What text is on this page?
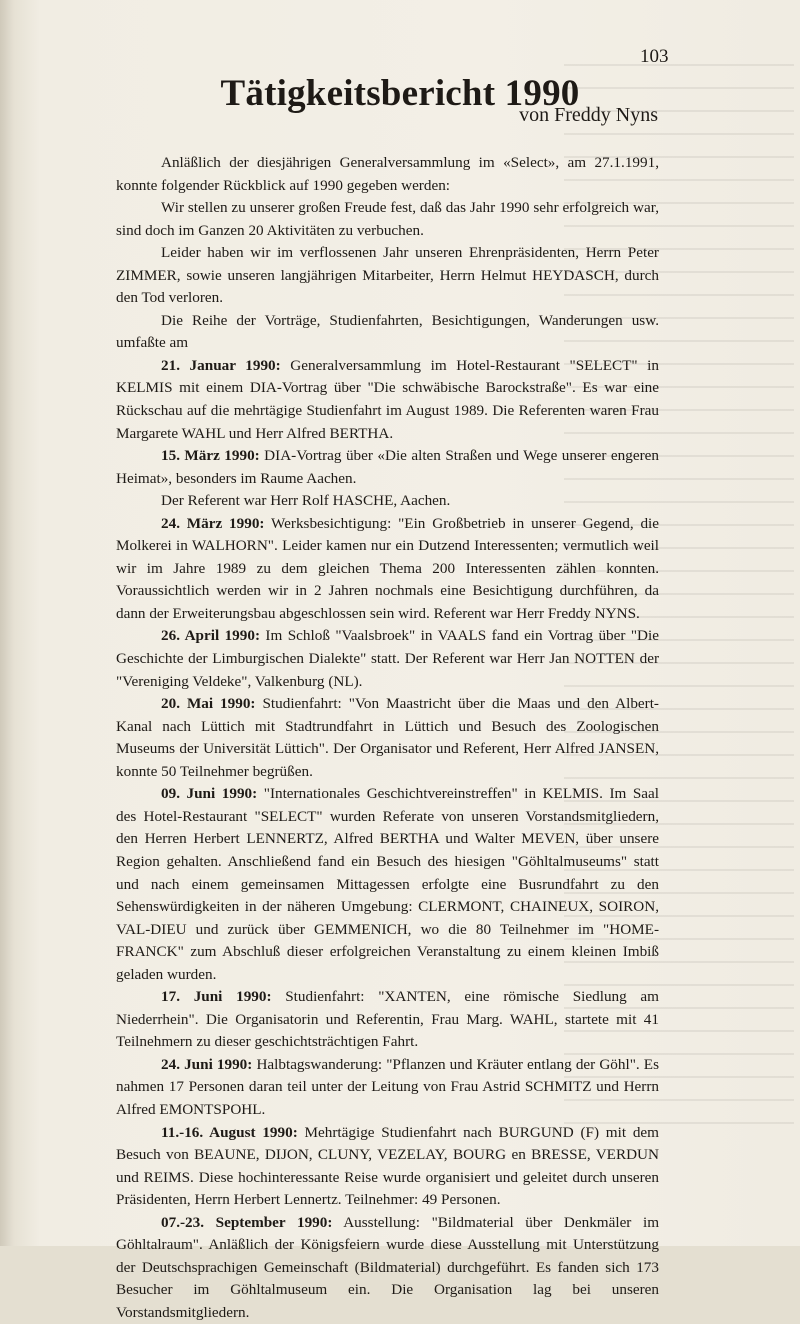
103
Tätigkeitsbericht 1990
von Freddy Nyns

Anläßlich der diesjährigen Generalversammlung im «Select», am 27.1.1991, konnte folgender Rückblick auf 1990 gegeben werden:

Wir stellen zu unserer großen Freude fest, daß das Jahr 1990 sehr erfolgreich war, sind doch im Ganzen 20 Aktivitäten zu verbuchen.

Leider haben wir im verflossenen Jahr unseren Ehrenpräsidenten, Herrn Peter ZIMMER, sowie unseren langjährigen Mitarbeiter, Herrn Helmut HEYDASCH, durch den Tod verloren.

Die Reihe der Vorträge, Studienfahrten, Besichtigungen, Wanderungen usw. umfaßte am

21. Januar 1990: Generalversammlung im Hotel-Restaurant "SELECT" in KELMIS mit einem DIA-Vortrag über "Die schwäbische Barockstraße". Es war eine Rückschau auf die mehrtägige Studienfahrt im August 1989. Die Referenten waren Frau Margarete WAHL und Herr Alfred BERTHA.

15. März 1990: DIA-Vortrag über «Die alten Straßen und Wege unserer engeren Heimat», besonders im Raume Aachen.

Der Referent war Herr Rolf HASCHE, Aachen.

24. März 1990: Werksbesichtigung: "Ein Großbetrieb in unserer Gegend, die Molkerei in WALHORN". Leider kamen nur ein Dutzend Interessenten; vermutlich weil wir im Jahre 1989 zu dem gleichen Thema 200 Interessenten zählen konnten. Voraussichtlich werden wir in 2 Jahren nochmals eine Besichtigung durchführen, da dann der Erweiterungsbau abgeschlossen sein wird. Referent war Herr Freddy NYNS.

26. April 1990: Im Schloß "Vaalsbroek" in VAALS fand ein Vortrag über "Die Geschichte der Limburgischen Dialekte" statt. Der Referent war Herr Jan NOTTEN der "Vereniging Veldeke", Valkenburg (NL).

20. Mai 1990: Studienfahrt: "Von Maastricht über die Maas und den Albert-Kanal nach Lüttich mit Stadtrundfahrt in Lüttich und Besuch des Zoologischen Museums der Universität Lüttich". Der Organisator und Referent, Herr Alfred JANSEN, konnte 50 Teilnehmer begrüßen.

09. Juni 1990: "Internationales Geschichtvereinstreffen" in KELMIS. Im Saal des Hotel-Restaurant "SELECT" wurden Referate von unseren Vorstandsmitgliedern, den Herren Herbert LENNERTZ, Alfred BERTHA und Walter MEVEN, über unsere Region gehalten. Anschließend fand ein Besuch des hiesigen "Göhltalmuseums" statt und nach einem gemeinsamen Mittagessen erfolgte eine Busrundfahrt zu den Sehenswürdigkeiten in der näheren Umgebung: CLERMONT, CHAINEUX, SOIRON, VAL-DIEU und zurück über GEMMENICH, wo die 80 Teilnehmer im "HOME-FRANCK" zum Abschluß dieser erfolgreichen Veranstaltung zu einem kleinen Imbiß geladen wurden.

17. Juni 1990: Studienfahrt: "XANTEN, eine römische Siedlung am Niederrhein". Die Organisatorin und Referentin, Frau Marg. WAHL, startete mit 41 Teilnehmern zu dieser geschichtsträchtigen Fahrt.

24. Juni 1990: Halbtagswanderung: "Pflanzen und Kräuter entlang der Göhl". Es nahmen 17 Personen daran teil unter der Leitung von Frau Astrid SCHMITZ und Herrn Alfred EMONTSPOHL.

11.-16. August 1990: Mehrtägige Studienfahrt nach BURGUND (F) mit dem Besuch von BEAUNE, DIJON, CLUNY, VEZELAY, BOURG en BRESSE, VERDUN und REIMS. Diese hochinteressante Reise wurde organisiert und geleitet durch unseren Präsidenten, Herrn Herbert Lennertz. Teilnehmer: 49 Personen.

07.-23. September 1990: Ausstellung: "Bildmaterial über Denkmäler im Göhltalraum". Anläßlich der Königsfeiern wurde diese Ausstellung mit Unterstützung der Deutschsprachigen Gemeinschaft (Bildmaterial) durchgeführt. Es fanden sich 173 Besucher im Göhltalmuseum ein. Die Organisation lag bei unseren Vorstandsmitgliedern.
